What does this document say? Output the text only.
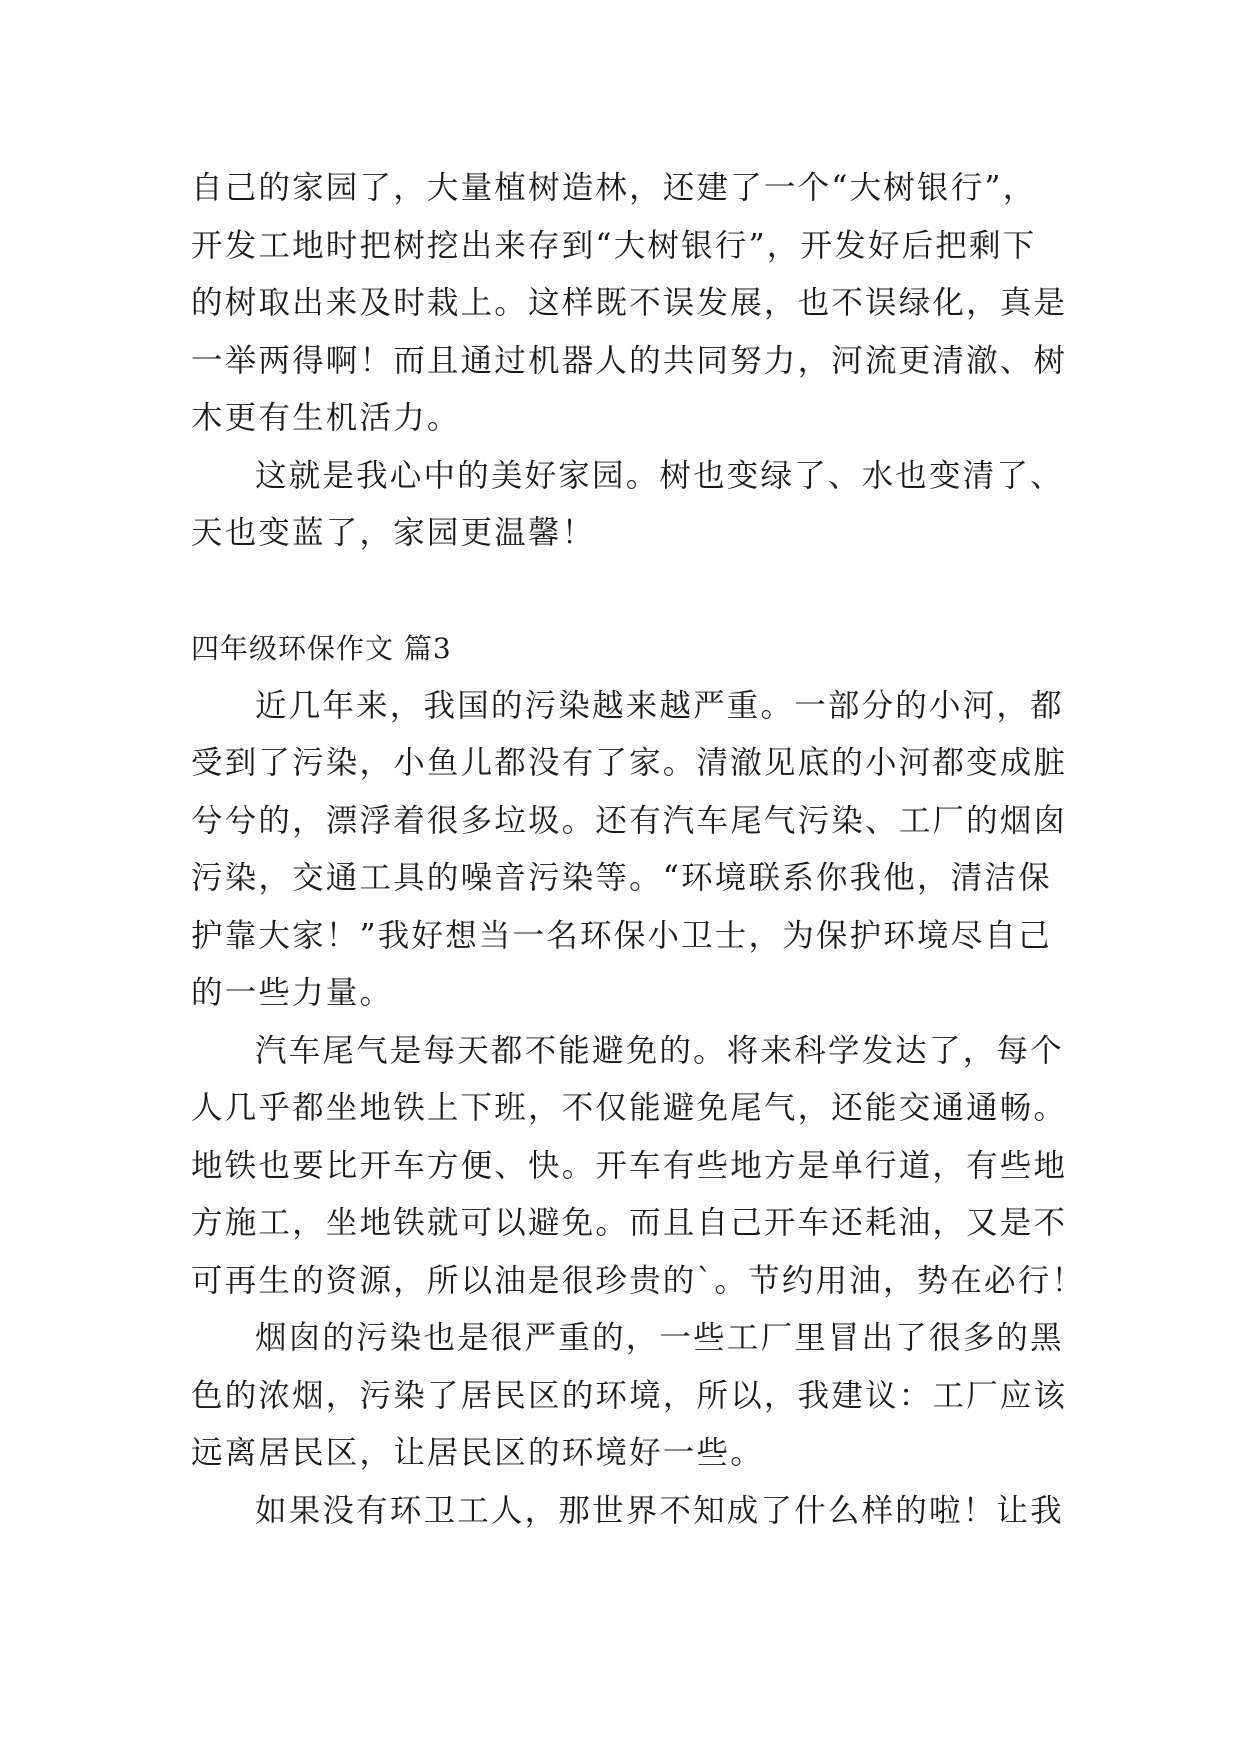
自己的家园了，大量植树造林，还建了一个“大树银行”，
开发工地时把树挖出来存到“大树银行”，开发好后把剩下
的树取出来及时栽上。这样既不误发展，也不误绿化，真是
一举两得啊！而且通过机器人的共同努力，河流更清澈、树
木更有生机活力。
这就是我心中的美好家园。树也变绿了、水也变清了、
天也变蓝了，家园更温馨！
四年级环保作文 篇3
近几年来，我国的污染越来越严重。一部分的小河，都
受到了污染，小鱼儿都没有了家。清澈见底的小河都变成脏
兮兮的，漂浮着很多垃圾。还有汽车尾气污染、工厂的烟囱
污染，交通工具的噪音污染等。“环境联系你我他，清洁保
护靠大家！”我好想当一名环保小卫士，为保护环境尽自己
的一些力量。
汽车尾气是每天都不能避免的。将来科学发达了，每个
人几乎都坐地铁上下班，不仅能避免尾气，还能交通通畅。
地铁也要比开车方便、快。开车有些地方是单行道，有些地
方施工，坐地铁就可以避免。而且自己开车还耗油，又是不
可再生的资源，所以油是很珍贵的`。节约用油，势在必行！
烟囱的污染也是很严重的，一些工厂里冒出了很多的黑
色的浓烟，污染了居民区的环境，所以，我建议：工厂应该
远离居民区，让居民区的环境好一些。
如果没有环卫工人，那世界不知成了什么样的啦！让我
